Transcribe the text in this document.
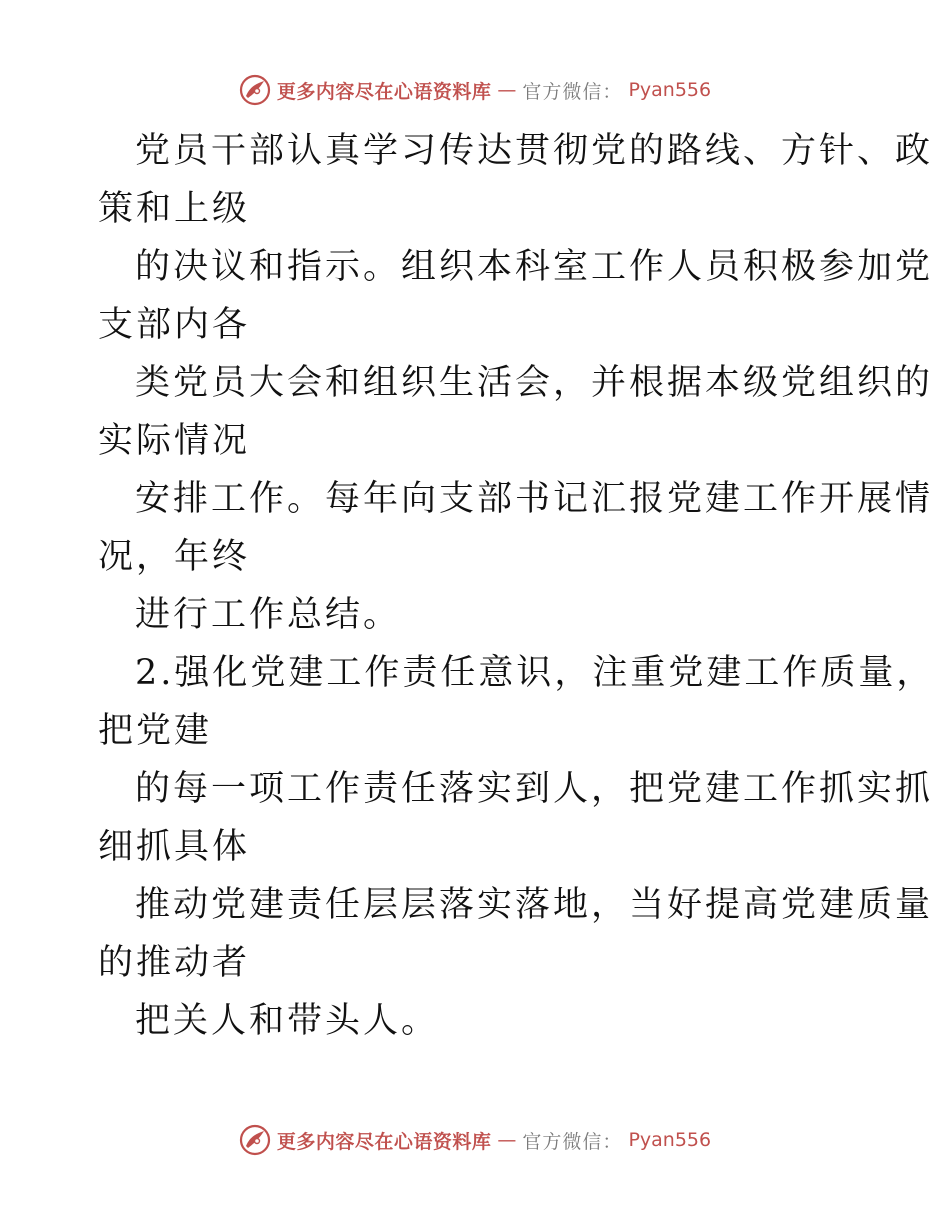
更多内容尽在心语资料库 — 官方微信： Pyan556
党员干部认真学习传达贯彻党的路线、方针、政
策和上级
的决议和指示。组织本科室工作人员积极参加党
支部内各
类党员大会和组织生活会，并根据本级党组织的
实际情况
安排工作。每年向支部书记汇报党建工作开展情
况，年终
进行工作总结。
2.强化党建工作责任意识，注重党建工作质量，
把党建
的每一项工作责任落实到人，把党建工作抓实抓
细抓具体
推动党建责任层层落实落地，当好提高党建质量
的推动者
把关人和带头人。
更多内容尽在心语资料库 — 官方微信： Pyan556
